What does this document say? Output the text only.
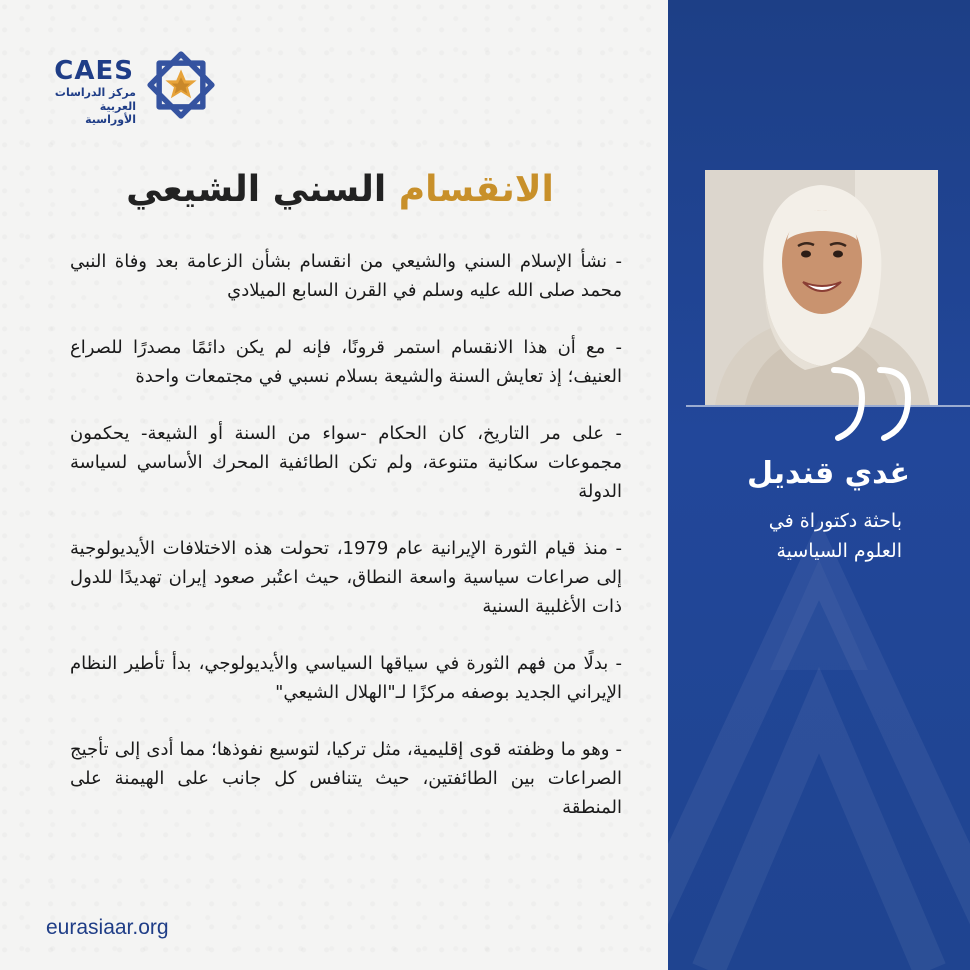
CAES
مركز الدراسات
العربية الأوراسية
الانقسام السني الشيعي

- نشأ الإسلام السني والشيعي من انقسام بشأن الزعامة بعد وفاة النبي محمد صلى الله عليه وسلم في القرن السابع الميلادي

- مع أن هذا الانقسام استمر قرونًا، فإنه لم يكن دائمًا مصدرًا للصراع العنيف؛ إذ تعايش السنة والشيعة بسلام نسبي في مجتمعات واحدة

- على مر التاريخ، كان الحكام -سواء من السنة أو الشيعة- يحكمون مجموعات سكانية متنوعة، ولم تكن الطائفية المحرك الأساسي لسياسة الدولة

- منذ قيام الثورة الإيرانية عام 1979، تحولت هذه الاختلافات الأيديولوجية إلى صراعات سياسية واسعة النطاق، حيث اعتُبر صعود إيران تهديدًا للدول ذات الأغلبية السنية

- بدلًا من فهم الثورة في سياقها السياسي والأيديولوجي، بدأ تأطير النظام الإيراني الجديد بوصفه مركزًا لـ"الهلال الشيعي"

- وهو ما وظفته قوى إقليمية، مثل تركيا، لتوسيع نفوذها؛ مما أدى إلى تأجيج الصراعات بين الطائفتين، حيث يتنافس كل جانب على الهيمنة على المنطقة

eurasiaar.org
غدي قنديل
باحثة دكتوراة في
العلوم السياسية
